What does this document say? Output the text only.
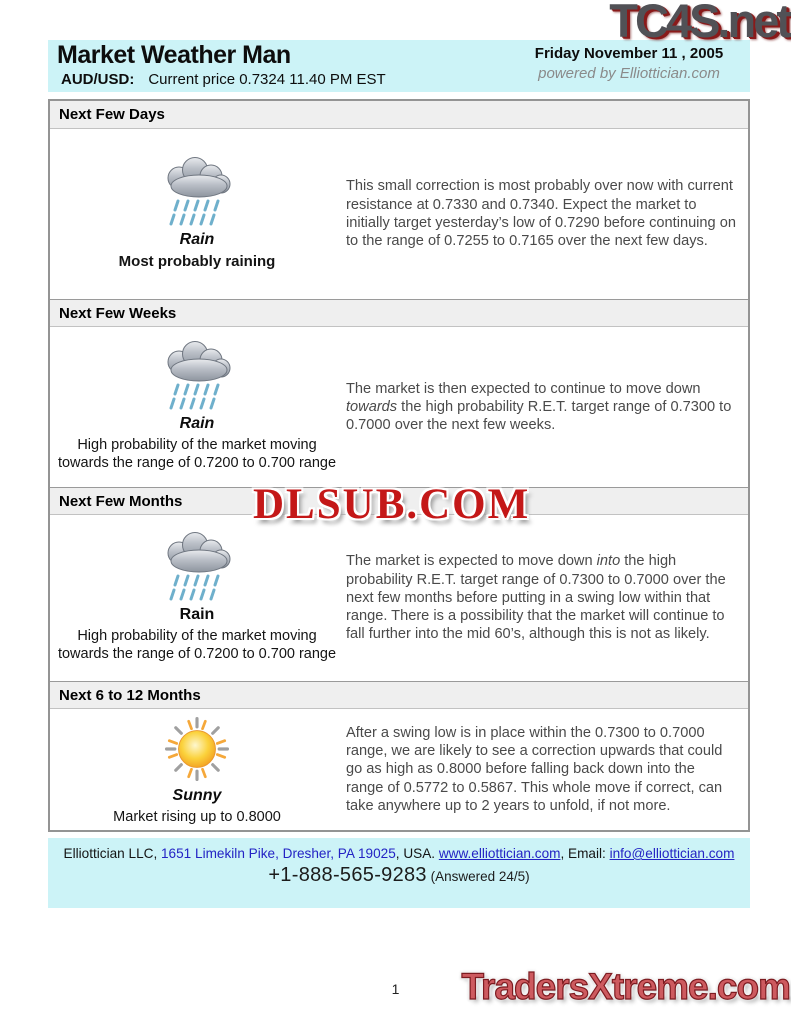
TC4S.net
Market Weather Man
AUD/USD: Current price 0.7324 11.40 PM EST
Friday November 11 , 2005
powered by Elliottician.com
Next Few Days
Rain
Most probably raining

This small correction is most probably over now with current resistance at 0.7330 and 0.7340. Expect the market to initially target yesterday’s low of 0.7290 before continuing on to the range of 0.7255 to 0.7165 over the next few days.

Next Few Weeks
Rain
High probability of the market moving towards the range of 0.7200 to 0.700 range

The market is then expected to continue to move down towards the high probability R.E.T. target range of 0.7300 to 0.7000 over the next few weeks.

Next Few Months
Rain
High probability of the market moving towards the range of 0.7200 to 0.700 range

The market is expected to move down into the high probability R.E.T. target range of 0.7300 to 0.7000 over the next few months before putting in a swing low within that range. There is a possibility that the market will continue to fall further into the mid 60’s, although this is not as likely.

Next 6 to 12 Months
Sunny
Market rising up to 0.8000

After a swing low is in place within the 0.7300 to 0.7000 range, we are likely to see a correction upwards that could go as high as 0.8000 before falling back down into the range of 0.5772 to 0.5867. This whole move if correct, can take anywhere up to 2 years to unfold, if not more.

DLSUB.COM
Elliottician LLC, 1651 Limekiln Pike, Dresher, PA 19025, USA. www.elliottician.com, Email: info@elliottician.com
+1-888-565-9283 (Answered 24/5)
1	TradersXtreme.com
